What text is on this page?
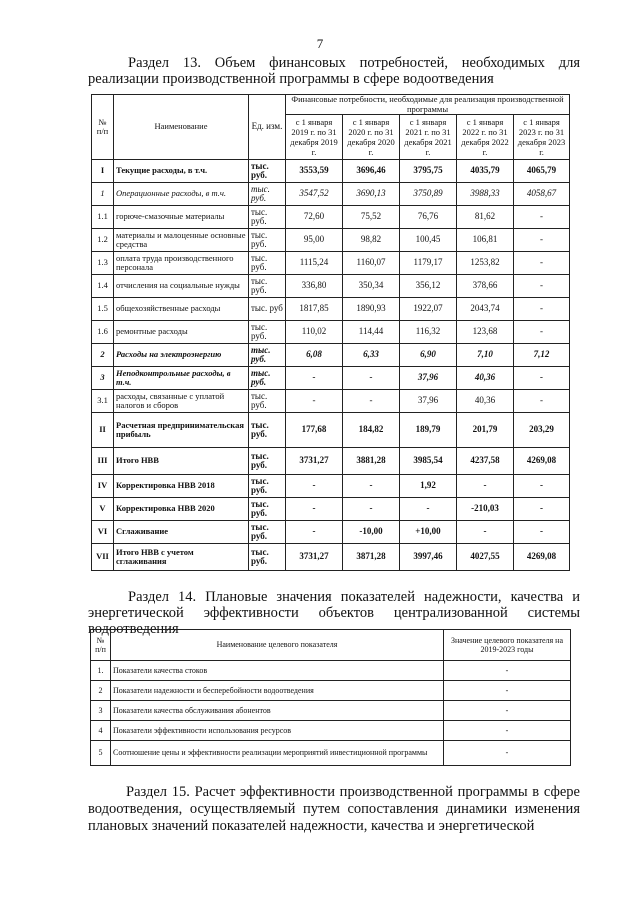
7
Раздел 13. Объем финансовых потребностей, необходимых для реализации производственной программы в сфере водоотведения
№ п/п	Наименование	Ед. изм.	Финансовые потребности, необходимые для реализация производственной программы				
			с 1 января 2019 г. по 31 декабря 2019 г.	с 1 января 2020 г. по 31 декабря 2020 г.	с 1 января 2021 г. по 31 декабря 2021 г.	с 1 января 2022 г. по 31 декабря 2022 г.	с 1 января 2023 г. по 31 декабря 2023 г.
I	Текущие расходы, в т.ч.	тыс. руб.	3553,59	3696,46	3795,75	4035,79	4065,79
1	Операционные расходы, в т.ч.	тыс. руб.	3547,52	3690,13	3750,89	3988,33	4058,67
1.1	горюче-смазочные материалы	тыс. руб.	72,60	75,52	76,76	81,62	-
1.2	материалы и малоценные основные средства	тыс. руб.	95,00	98,82	100,45	106,81	-
1.3	оплата труда производственного персонала	тыс. руб.	1115,24	1160,07	1179,17	1253,82	-
1.4	отчисления на социальные нужды	тыс. руб.	336,80	350,34	356,12	378,66	-
1.5	общехозяйственные расходы	тыс. руб	1817,85	1890,93	1922,07	2043,74	-
1.6	ремонтные расходы	тыс. руб.	110,02	114,44	116,32	123,68	-
2	Расходы на электроэнергию	тыс. руб.	6,08	6,33	6,90	7,10	7,12
3	Неподконтрольные расходы, в т.ч.	тыс. руб.	-	-	37,96	40,36	-
3.1	расходы, связанные с уплатой налогов и сборов	тыс. руб.	-	-	37,96	40,36	-
II	Расчетная предпринимательская прибыль	тыс. руб.	177,68	184,82	189,79	201,79	203,29
III	Итого НВВ	тыс. руб.	3731,27	3881,28	3985,54	4237,58	4269,08
IV	Корректировка НВВ 2018	тыс. руб.	-	-	1,92	-	-
V	Корректировка НВВ 2020	тыс. руб.	-	-	-	-210,03	-
VI	Сглаживание	тыс. руб.	-	-10,00	+10,00	-	-
VII	Итого НВВ с учетом сглаживания	тыс. руб.	3731,27	3871,28	3997,46	4027,55	4269,08
Раздел 14. Плановые значения показателей надежности, качества и энергетической эффективности объектов централизованной системы водоотведения
№ п/п	Наименование целевого показателя	Значение целевого показателя на 2019-2023 годы
1.	Показатели качества стоков	-
2	Показатели надежности и бесперебойности водоотведения	-
3	Показатели качества обслуживания абонентов	-
4	Показатели эффективности использования ресурсов	-
5	Соотношение цены и эффективности реализации мероприятий инвестиционной программы	-
Раздел 15. Расчет эффективности производственной программы в сфере водоотведения, осуществляемый путем сопоставления динамики изменения плановых значений показателей надежности, качества и энергетической
